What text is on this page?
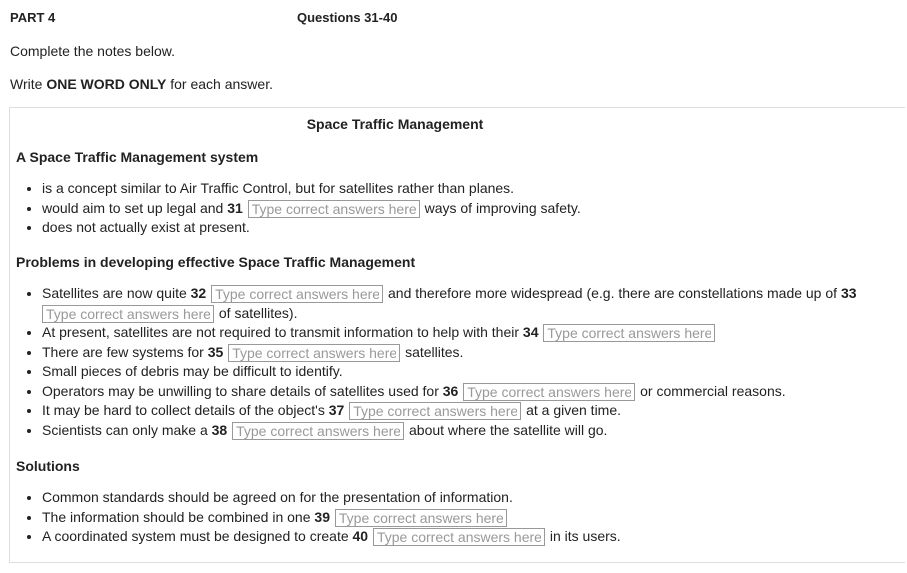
PART 4	Questions 31-40
Complete the notes below.
Write ONE WORD ONLY for each answer.
Space Traffic Management
A Space Traffic Management system
• is a concept similar to Air Traffic Control, but for satellites rather than planes.
• would aim to set up legal and 31 Type correct answers here...	ways of improving safety.
• does not actually exist at present.
Problems in developing effective Space Traffic Management
• Satellites are now quite 32 Type correct answers here...	and therefore more widespread (e.g. there are constellations made up of 33
Type correct answers here... of satellites).
• At present, satellites are not required to transmit information to help with their 34 Type correct answers here...
• There are few systems for 35 Type correct answers here...	satellites.
• Small pieces of debris may be difficult to identify.
• Operators may be unwilling to share details of satellites used for 36 Type correct answers here...	or commercial reasons.
• It may be hard to collect details of the object's 37 Type correct answers here...	at a given time.
• Scientists can only make a 38 Type correct answers here...	about where the satellite will go.
Solutions
• Common standards should be agreed on for the presentation of information.
• The information should be combined in one 39 Type correct answers here...
• A coordinated system must be designed to create 40 Type correct answers here...	in its users.
